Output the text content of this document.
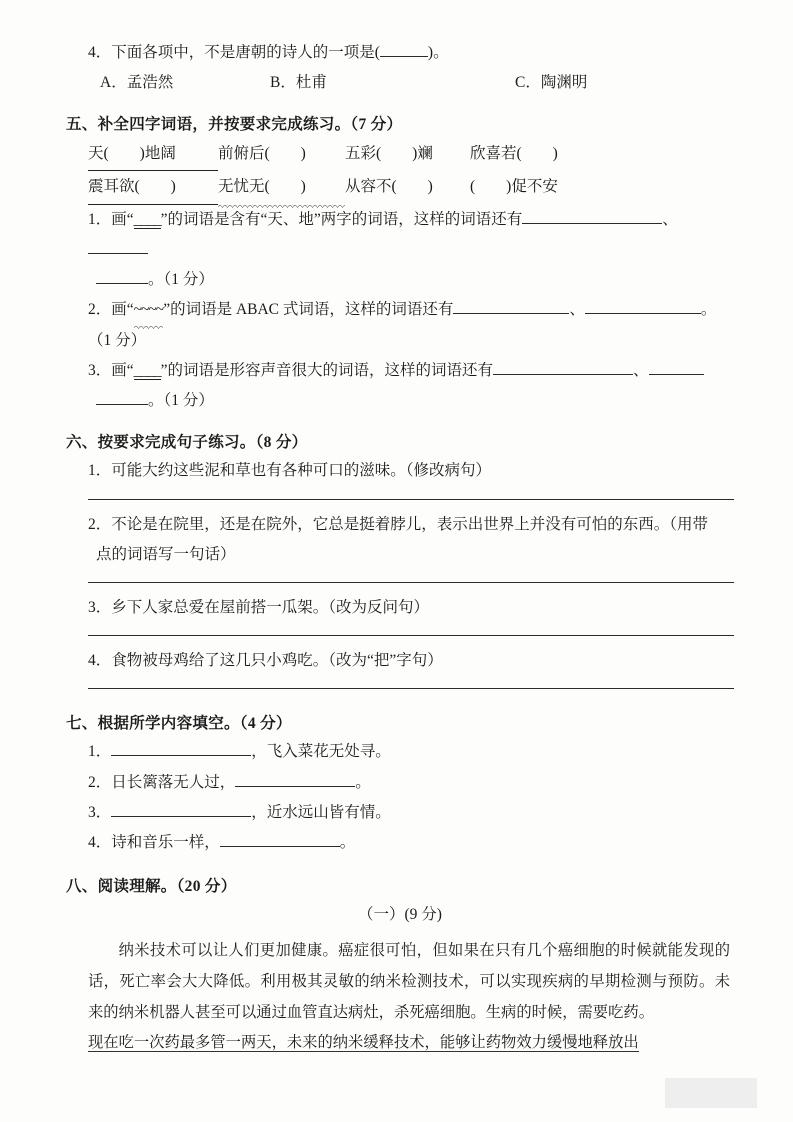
4．下面各项中，不是唐朝的诗人的一项是(	)。
A．孟浩然	B．杜甫	C．陶渊明
五、补全四字词语，并按要求完成练习。（7 分）
天(　　)地阔	前俯后(　　)	五彩(　　)斓	欣喜若(　　)
震耳欲(　　)	无忧无(　　)	从容不(　　)	(　　)促不安
1．画“____”的词语是含有“天、地”两字的词语，这样的词语还有	、
。（1 分）
2．画“~~~~”的词语是 ABAC 式词语，这样的词语还有	、	。
（1 分）
3．画“____”的词语是形容声音很大的词语，这样的词语还有	、
。（1 分）
六、按要求完成句子练习。（8 分）
1．可能大约这些泥和草也有各种可口的滋味。（修改病句）
2．不论是在院里，还是在院外，它总是挺着脖儿，表示出世界上并没有可怕的东西。（用带
点的词语写一句话）
3．乡下人家总爱在屋前搭一瓜架。（改为反问句）
4．食物被母鸡给了这几只小鸡吃。（改为“把”字句）
七、根据所学内容填空。（4 分）
1．	，飞入菜花无处寻。
2．日长篱落无人过，	。
3．	，近水远山皆有情。
4．诗和音乐一样，	。
八、阅读理解。（20 分）
（一）(9 分)
纳米技术可以让人们更加健康。癌症很可怕，但如果在只有几个癌细胞的时候就能发现的话，死亡率会大大降低。利用极其灵敏的纳米检测技术，可以实现疾病的早期检测与预防。未来的纳米机器人甚至可以通过血管直达病灶，杀死癌细胞。生病的时候，需要吃药。
现在吃一次药最多管一两天，未来的纳米缓释技术，能够让药物效力缓慢地释放出
